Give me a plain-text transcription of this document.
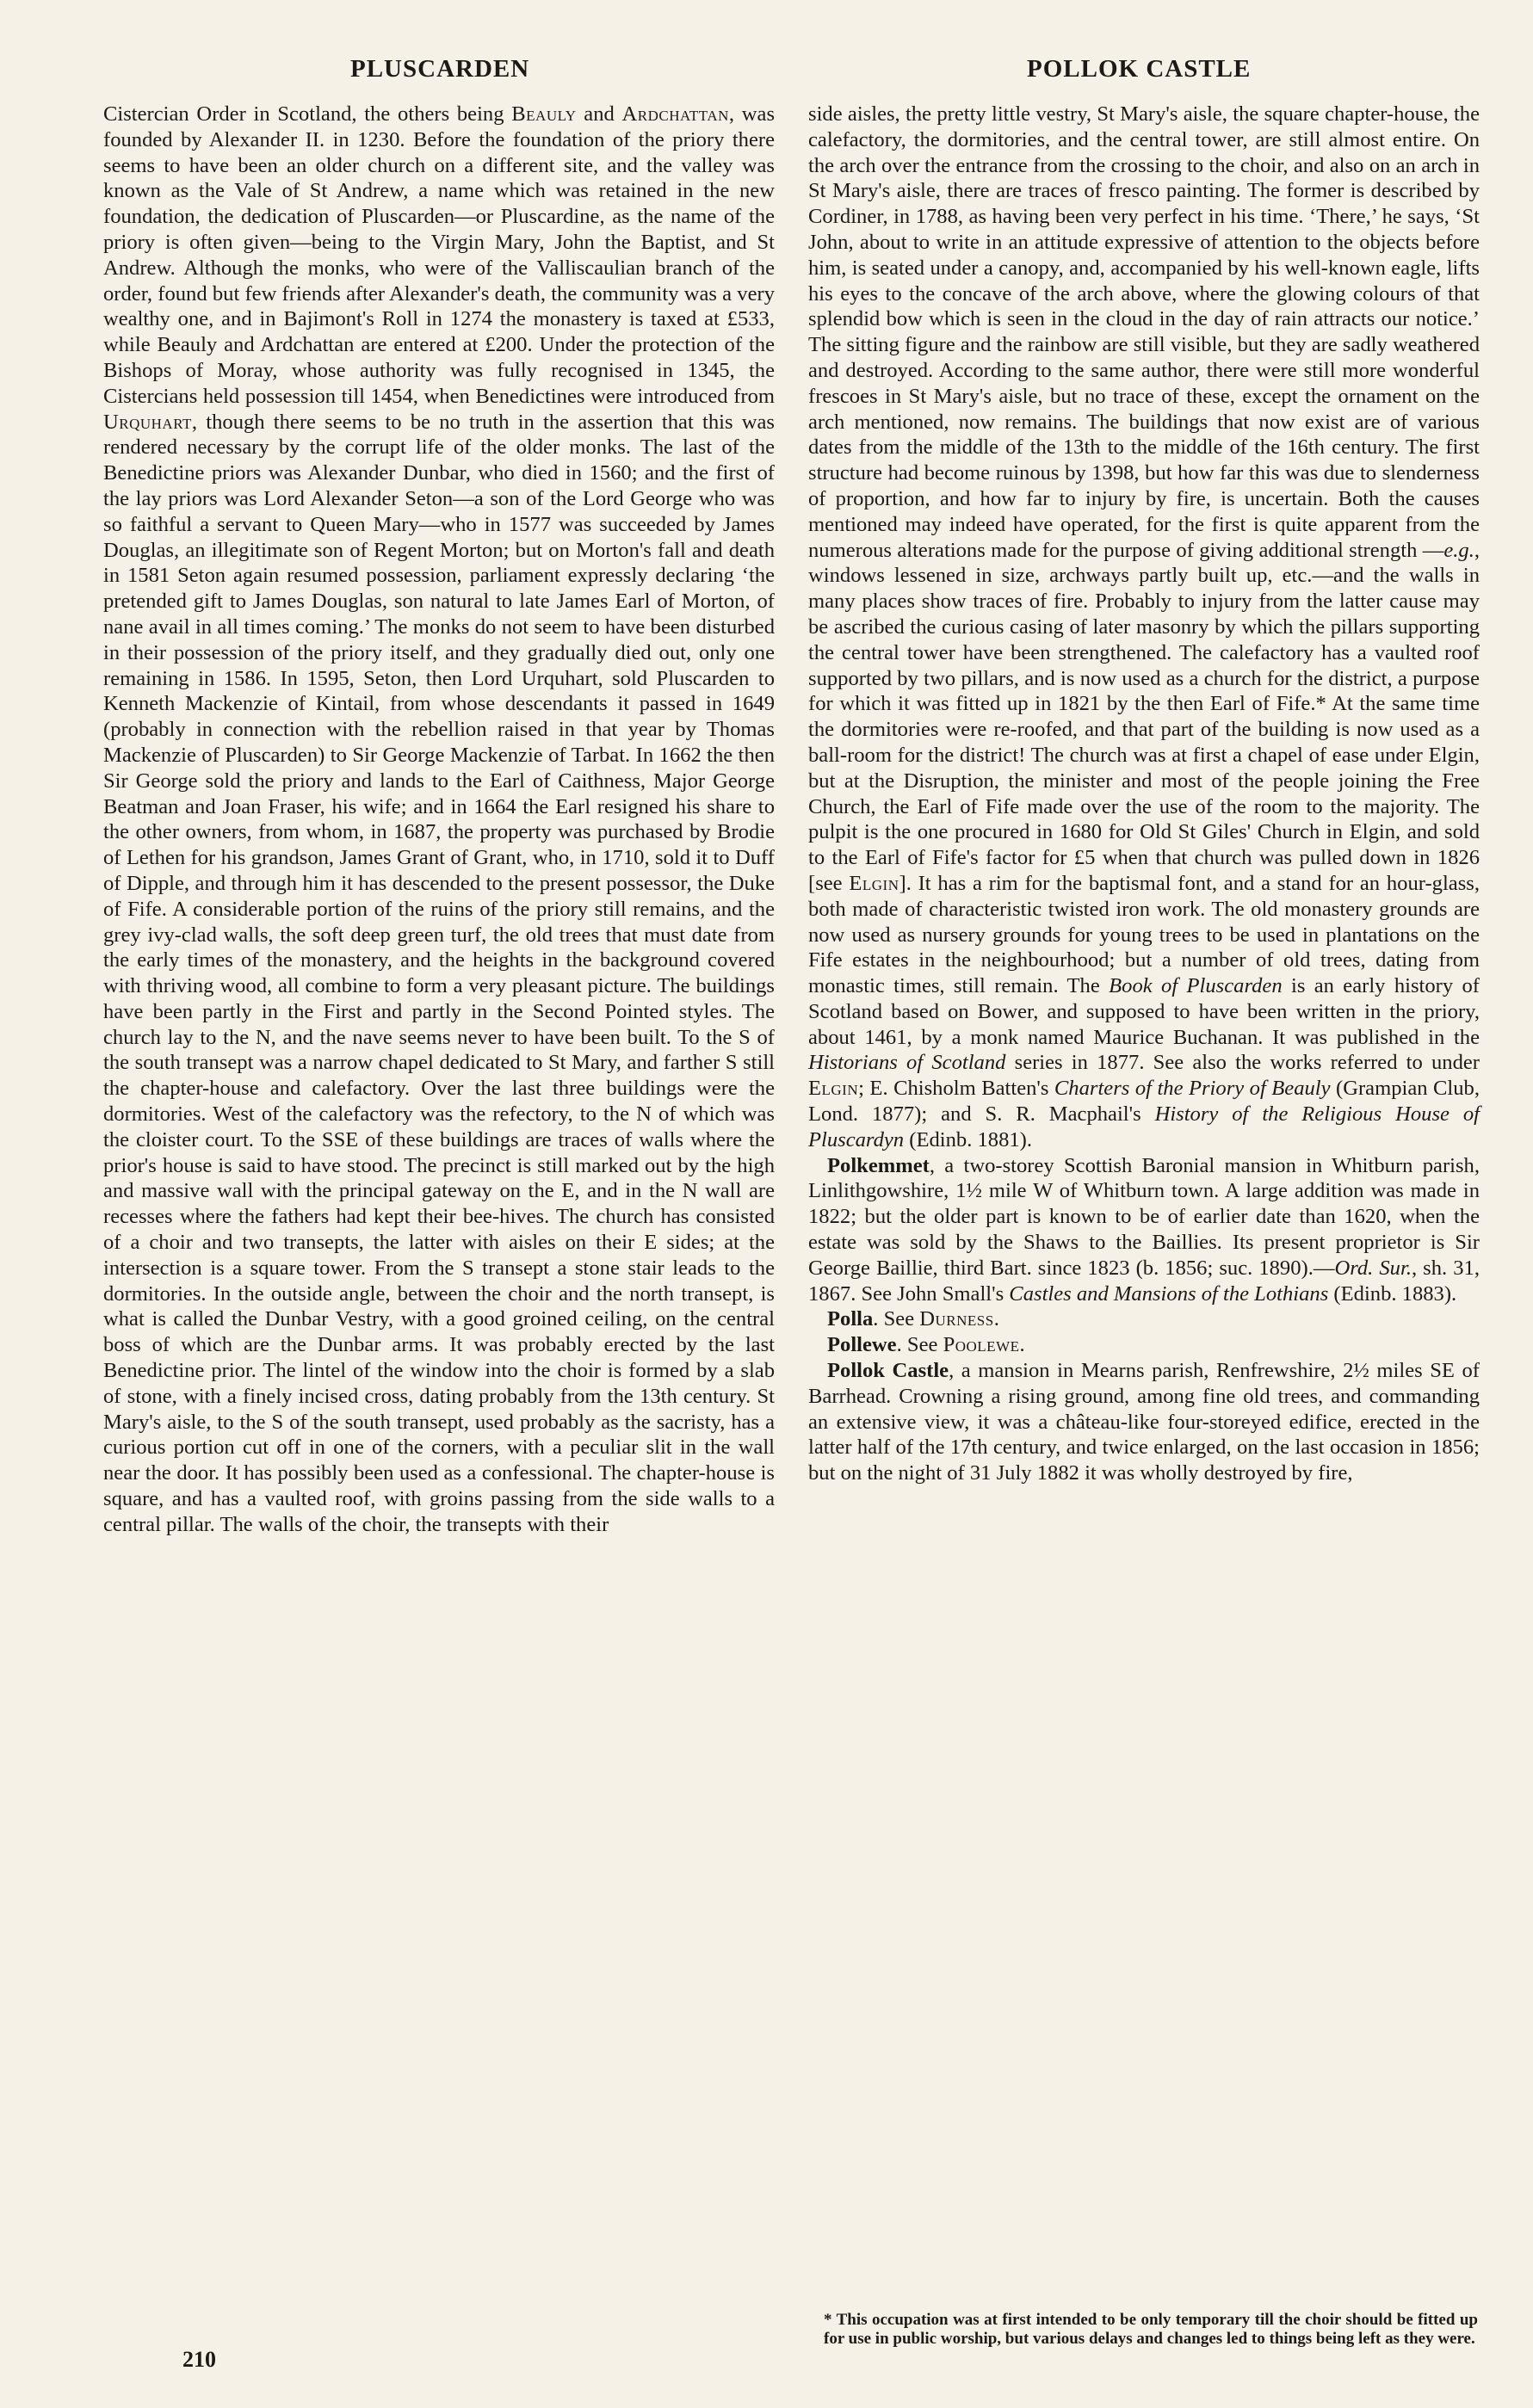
PLUSCARDEN	POLLOK CASTLE

Cistercian Order in Scotland, the others being Beauly and Ardchattan, was founded by Alexander II. in 1230. Before the foundation of the priory there seems to have been an older church on a different site, and the valley was known as the Vale of St Andrew, a name which was retained in the new foundation, the dedication of Pluscarden—or Pluscardine, as the name of the priory is often given—being to the Virgin Mary, John the Baptist, and St Andrew. Although the monks, who were of the Valliscaulian branch of the order, found but few friends after Alexander's death, the community was a very wealthy one, and in Bajimont's Roll in 1274 the monastery is taxed at £533, while Beauly and Ardchattan are entered at £200. Under the protection of the Bishops of Moray, whose authority was fully recognised in 1345, the Cistercians held possession till 1454, when Benedictines were introduced from Urquhart, though there seems to be no truth in the assertion that this was rendered necessary by the corrupt life of the older monks. The last of the Benedictine priors was Alexander Dunbar, who died in 1560; and the first of the lay priors was Lord Alexander Seton—a son of the Lord George who was so faithful a servant to Queen Mary—who in 1577 was succeeded by James Douglas, an illegitimate son of Regent Morton; but on Morton's fall and death in 1581 Seton again resumed possession, parliament expressly declaring ‘the pretended gift to James Douglas, son natural to late James Earl of Morton, of nane avail in all times coming.’ The monks do not seem to have been disturbed in their possession of the priory itself, and they gradually died out, only one remaining in 1586. In 1595, Seton, then Lord Urquhart, sold Pluscarden to Kenneth Mackenzie of Kintail, from whose descendants it passed in 1649 (probably in connection with the rebellion raised in that year by Thomas Mackenzie of Pluscarden) to Sir George Mackenzie of Tarbat. In 1662 the then Sir George sold the priory and lands to the Earl of Caithness, Major George Beatman and Joan Fraser, his wife; and in 1664 the Earl resigned his share to the other owners, from whom, in 1687, the property was purchased by Brodie of Lethen for his grandson, James Grant of Grant, who, in 1710, sold it to Duff of Dipple, and through him it has descended to the present possessor, the Duke of Fife. A considerable portion of the ruins of the priory still remains, and the grey ivy-clad walls, the soft deep green turf, the old trees that must date from the early times of the monastery, and the heights in the background covered with thriving wood, all combine to form a very pleasant picture. The buildings have been partly in the First and partly in the Second Pointed styles. The church lay to the N, and the nave seems never to have been built. To the S of the south transept was a narrow chapel dedicated to St Mary, and farther S still the chapter-house and calefactory. Over the last three buildings were the dormitories. West of the calefactory was the refectory, to the N of which was the cloister court. To the SSE of these buildings are traces of walls where the prior's house is said to have stood. The precinct is still marked out by the high and massive wall with the principal gateway on the E, and in the N wall are recesses where the fathers had kept their bee-hives. The church has consisted of a choir and two transepts, the latter with aisles on their E sides; at the intersection is a square tower. From the S transept a stone stair leads to the dormitories. In the outside angle, between the choir and the north transept, is what is called the Dunbar Vestry, with a good groined ceiling, on the central boss of which are the Dunbar arms. It was probably erected by the last Benedictine prior. The lintel of the window into the choir is formed by a slab of stone, with a finely incised cross, dating probably from the 13th century. St Mary's aisle, to the S of the south transept, used probably as the sacristy, has a curious portion cut off in one of the corners, with a peculiar slit in the wall near the door. It has possibly been used as a confessional. The chapter-house is square, and has a vaulted roof, with groins passing from the side walls to a central pillar. The walls of the choir, the transepts with their

side aisles, the pretty little vestry, St Mary's aisle, the square chapter-house, the calefactory, the dormitories, and the central tower, are still almost entire. On the arch over the entrance from the crossing to the choir, and also on an arch in St Mary's aisle, there are traces of fresco painting. The former is described by Cordiner, in 1788, as having been very perfect in his time. ‘There,’ he says, ‘St John, about to write in an attitude expressive of attention to the objects before him, is seated under a canopy, and, accompanied by his well-known eagle, lifts his eyes to the concave of the arch above, where the glowing colours of that splendid bow which is seen in the cloud in the day of rain attracts our notice.’ The sitting figure and the rainbow are still visible, but they are sadly weathered and destroyed. According to the same author, there were still more wonderful frescoes in St Mary's aisle, but no trace of these, except the ornament on the arch mentioned, now remains. The buildings that now exist are of various dates from the middle of the 13th to the middle of the 16th century. The first structure had become ruinous by 1398, but how far this was due to slenderness of proportion, and how far to injury by fire, is uncertain. Both the causes mentioned may indeed have operated, for the first is quite apparent from the numerous alterations made for the purpose of giving additional strength —e.g., windows lessened in size, archways partly built up, etc.—and the walls in many places show traces of fire. Probably to injury from the latter cause may be ascribed the curious casing of later masonry by which the pillars supporting the central tower have been strengthened. The calefactory has a vaulted roof supported by two pillars, and is now used as a church for the district, a purpose for which it was fitted up in 1821 by the then Earl of Fife.* At the same time the dormitories were re-roofed, and that part of the building is now used as a ball-room for the district! The church was at first a chapel of ease under Elgin, but at the Disruption, the minister and most of the people joining the Free Church, the Earl of Fife made over the use of the room to the majority. The pulpit is the one procured in 1680 for Old St Giles' Church in Elgin, and sold to the Earl of Fife's factor for £5 when that church was pulled down in 1826 [see Elgin]. It has a rim for the baptismal font, and a stand for an hour-glass, both made of characteristic twisted iron work. The old monastery grounds are now used as nursery grounds for young trees to be used in plantations on the Fife estates in the neighbourhood; but a number of old trees, dating from monastic times, still remain. The Book of Pluscarden is an early history of Scotland based on Bower, and supposed to have been written in the priory, about 1461, by a monk named Maurice Buchanan. It was published in the Historians of Scotland series in 1877. See also the works referred to under Elgin; E. Chisholm Batten's Charters of the Priory of Beauly (Grampian Club, Lond. 1877); and S. R. Macphail's History of the Religious House of Pluscardyn (Edinb. 1881).

Polkemmet, a two-storey Scottish Baronial mansion in Whitburn parish, Linlithgowshire, 1½ mile W of Whitburn town. A large addition was made in 1822; but the older part is known to be of earlier date than 1620, when the estate was sold by the Shaws to the Baillies. Its present proprietor is Sir George Baillie, third Bart. since 1823 (b. 1856; suc. 1890).—Ord. Sur., sh. 31, 1867. See John Small's Castles and Mansions of the Lothians (Edinb. 1883).

Polla. See Durness.

Pollewe. See Poolewe.

Pollok Castle, a mansion in Mearns parish, Renfrewshire, 2½ miles SE of Barrhead. Crowning a rising ground, among fine old trees, and commanding an extensive view, it was a château-like four-storeyed edifice, erected in the latter half of the 17th century, and twice enlarged, on the last occasion in 1856; but on the night of 31 July 1882 it was wholly destroyed by fire,

* This occupation was at first intended to be only temporary till the choir should be fitted up for use in public worship, but various delays and changes led to things being left as they were.
210
